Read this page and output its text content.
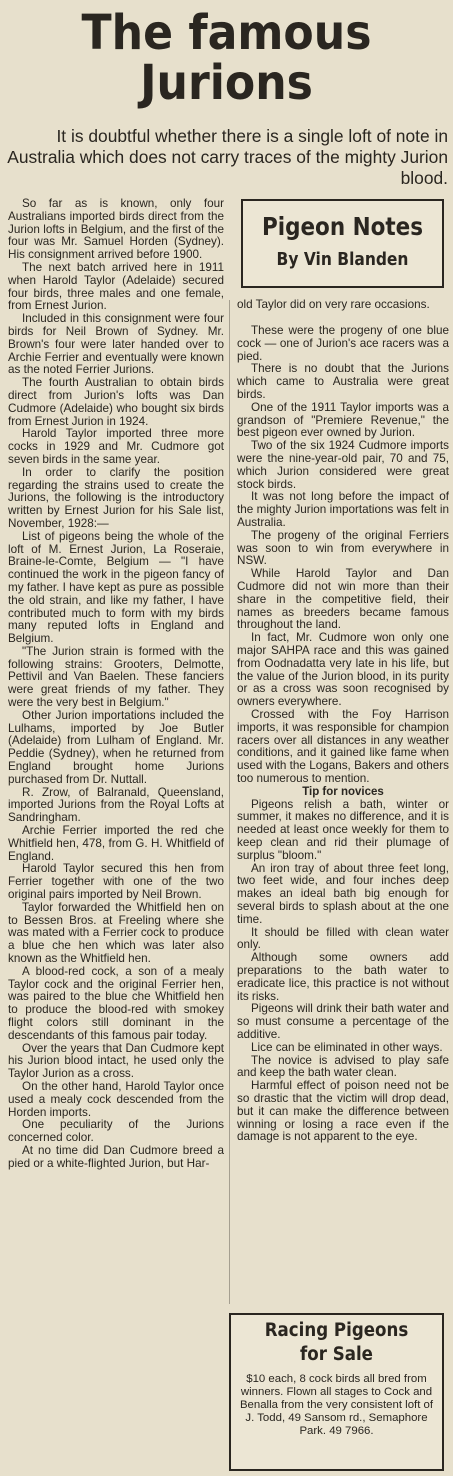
The famous
Jurions
It is doubtful whether there is a single loft of note in Australia which does not carry traces of the mighty Jurion blood.
Pigeon Notes
By Vin Blanden

So far as is known, only four Australians imported birds direct from the Jurion lofts in Belgium, and the first of the four was Mr. Samuel Horden (Sydney). His consignment arrived before 1900.

The next batch arrived here in 1911 when Harold Taylor (Adelaide) secured four birds, three males and one female, from Ernest Jurion.

Included in this consignment were four birds for Neil Brown of Sydney. Mr. Brown's four were later handed over to Archie Ferrier and eventually were known as the noted Ferrier Jurions.

The fourth Australian to obtain birds direct from Jurion's lofts was Dan Cudmore (Adelaide) who bought six birds from Ernest Jurion in 1924.

Harold Taylor imported three more cocks in 1929 and Mr. Cudmore got seven birds in the same year.

In order to clarify the position regarding the strains used to create the Jurions, the following is the introductory written by Ernest Jurion for his Sale list, November, 1928:—

List of pigeons being the whole of the loft of M. Ernest Jurion, La Roseraie, Braine-le-Comte, Belgium — "I have continued the work in the pigeon fancy of my father. I have kept as pure as possible the old strain, and like my father, I have contributed much to form with my birds many reputed lofts in England and Belgium.

"The Jurion strain is formed with the following strains: Grooters, Delmotte, Pettivil and Van Baelen. These fanciers were great friends of my father. They were the very best in Belgium."

Other Jurion importations included the Lulhams, imported by Joe Butler (Adelaide) from Lulham of England. Mr. Peddie (Sydney), when he returned from England brought home Jurions purchased from Dr. Nuttall.

R. Zrow, of Balranald, Queensland, imported Jurions from the Royal Lofts at Sandringham.

Archie Ferrier imported the red che Whitfield hen, 478, from G. H. Whitfield of England.

Harold Taylor secured this hen from Ferrier together with one of the two original pairs imported by Neil Brown.

Taylor forwarded the Whitfield hen on to Bessen Bros. at Freeling where she was mated with a Ferrier cock to produce a blue che hen which was later also known as the Whitfield hen.

A blood-red cock, a son of a mealy Taylor cock and the original Ferrier hen, was paired to the blue che Whitfield hen to produce the blood-red with smokey flight colors still dominant in the descendants of this famous pair today.

Over the years that Dan Cudmore kept his Jurion blood intact, he used only the Taylor Jurion as a cross.

On the other hand, Harold Taylor once used a mealy cock descended from the Horden imports.

One peculiarity of the Jurions concerned color.

At no time did Dan Cudmore breed a pied or a white-flighted Jurion, but Har-

old Taylor did on very rare occasions.

These were the progeny of one blue cock — one of Jurion's ace racers was a pied.

There is no doubt that the Jurions which came to Australia were great birds.

One of the 1911 Taylor imports was a grandson of "Premiere Revenue," the best pigeon ever owned by Jurion.

Two of the six 1924 Cudmore imports were the nine-year-old pair, 70 and 75, which Jurion considered were great stock birds.

It was not long before the impact of the mighty Jurion importations was felt in Australia.

The progeny of the original Ferriers was soon to win from everywhere in NSW.

While Harold Taylor and Dan Cudmore did not win more than their share in the competitive field, their names as breeders became famous throughout the land.

In fact, Mr. Cudmore won only one major SAHPA race and this was gained from Oodnadatta very late in his life, but the value of the Jurion blood, in its purity or as a cross was soon recognised by owners everywhere.

Crossed with the Foy Harrison imports, it was responsible for champion racers over all distances in any weather conditions, and it gained like fame when used with the Logans, Bakers and others too numerous to mention.

Tip for novices

Pigeons relish a bath, winter or summer, it makes no difference, and it is needed at least once weekly for them to keep clean and rid their plumage of surplus "bloom."

An iron tray of about three feet long, two feet wide, and four inches deep makes an ideal bath big enough for several birds to splash about at the one time.

It should be filled with clean water only.

Although some owners add preparations to the bath water to eradicate lice, this practice is not without its risks.

Pigeons will drink their bath water and so must consume a percentage of the additive.

Lice can be eliminated in other ways.

The novice is advised to play safe and keep the bath water clean.

Harmful effect of poison need not be so drastic that the victim will drop dead, but it can make the difference between winning or losing a race even if the damage is not apparent to the eye.

Racing Pigeons
for Sale
$10 each, 8 cock birds all bred from winners. Flown all stages to Cock and Benalla from the very consistent loft of J. Todd, 49 Sansom rd., Semaphore Park. 49 7966.
